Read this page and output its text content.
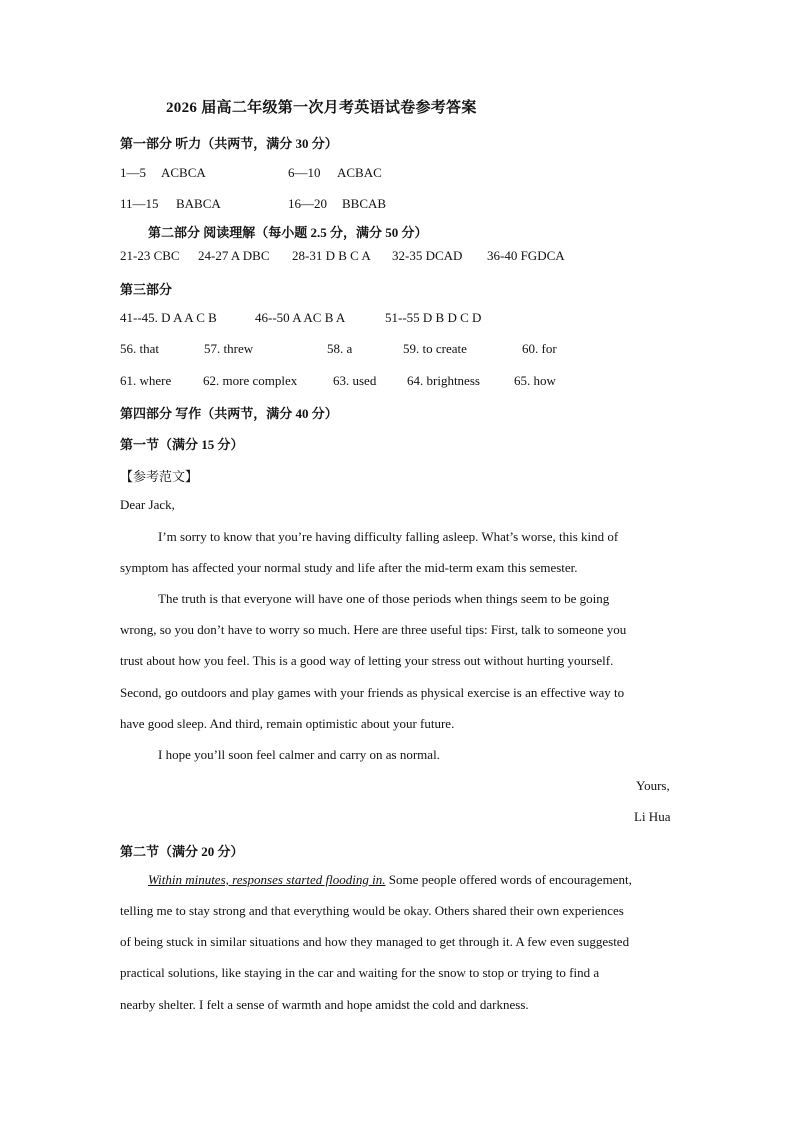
2026 届高二年级第一次月考英语试卷参考答案
第一部分 听力（共两节，满分 30 分）
1—5 ACBCA	6—10 ACBAC
11—15 BABCA	16—20 BBCAB
第二部分 阅读理解（每小题 2.5 分，满分 50 分）
21-23 CBC 24-27 A DBC 28-31 D B C A 32-35 DCAD 36-40 FGDCA
第三部分
41--45. D A A C B	46--50 A AC B A	51--55 D B D C D
56. that	57. threw	58. a	59. to create	60. for
61. where 62. more complex	63. used 64. brightness	65. how
第四部分 写作（共两节，满分 40 分）
第一节（满分 15 分）
【参考范文】
Dear Jack,
I’m sorry to know that you’re having difficulty falling asleep. What’s worse, this kind of
symptom has affected your normal study and life after the mid-term exam this semester.
The truth is that everyone will have one of those periods when things seem to be going
wrong, so you don’t have to worry so much. Here are three useful tips: First, talk to someone you
trust about how you feel. This is a good way of letting your stress out without hurting yourself.
Second, go outdoors and play games with your friends as physical exercise is an effective way to
have good sleep. And third, remain optimistic about your future.
I hope you’ll soon feel calmer and carry on as normal.
Yours,
Li Hua
第二节（满分 20 分）
Within minutes, responses started flooding in. Some people offered words of encouragement,
telling me to stay strong and that everything would be okay. Others shared their own experiences
of being stuck in similar situations and how they managed to get through it. A few even suggested
practical solutions, like staying in the car and waiting for the snow to stop or trying to find a
nearby shelter. I felt a sense of warmth and hope amidst the cold and darkness.
